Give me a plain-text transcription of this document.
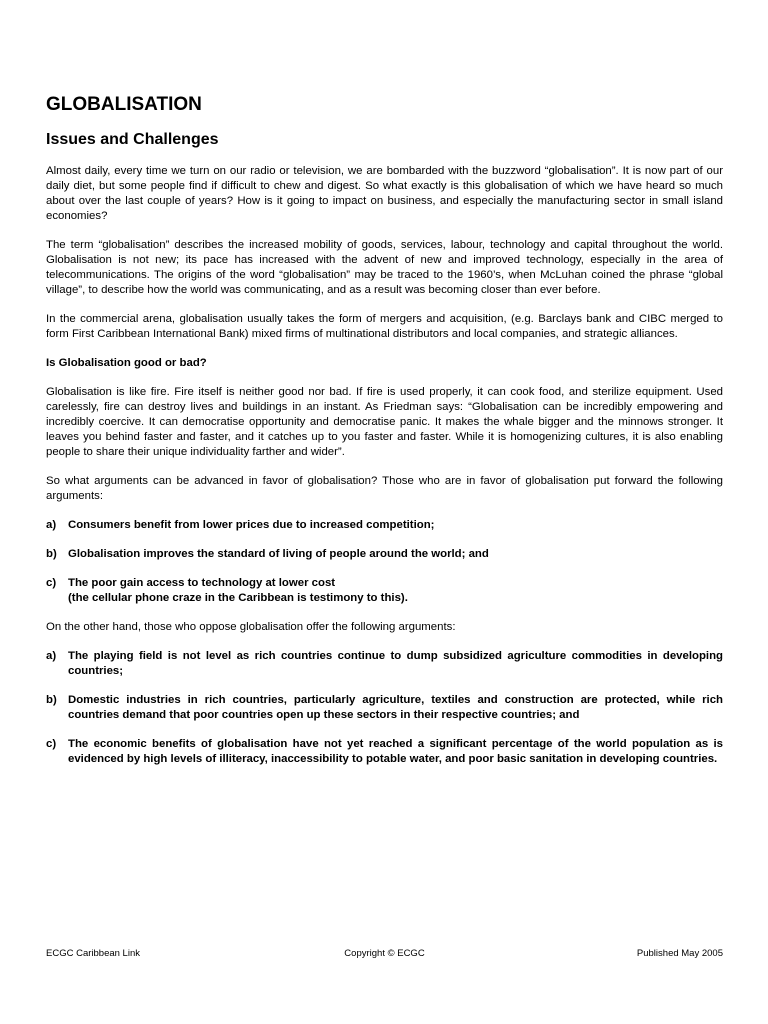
GLOBALISATION
Issues and Challenges

Almost daily, every time we turn on our radio or television, we are bombarded with the buzzword “globalisation”. It is now part of our daily diet, but some people find if difficult to chew and digest. So what exactly is this globalisation of which we have heard so much about over the last couple of years? How is it going to impact on business, and especially the manufacturing sector in small island economies?

The term “globalisation” describes the increased mobility of goods, services, labour, technology and capital throughout the world. Globalisation is not new; its pace has increased with the advent of new and improved technology, especially in the area of telecommunications. The origins of the word “globalisation” may be traced to the 1960’s, when McLuhan coined the phrase “global village”, to describe how the world was communicating, and as a result was becoming closer than ever before.

In the commercial arena, globalisation usually takes the form of mergers and acquisition, (e.g. Barclays bank and CIBC merged to form First Caribbean International Bank) mixed firms of multinational distributors and local companies, and strategic alliances.

Is Globalisation good or bad?

Globalisation is like fire. Fire itself is neither good nor bad. If fire is used properly, it can cook food, and sterilize equipment. Used carelessly, fire can destroy lives and buildings in an instant. As Friedman says: “Globalisation can be incredibly empowering and incredibly coercive. It can democratise opportunity and democratise panic. It makes the whale bigger and the minnows stronger. It leaves you behind faster and faster, and it catches up to you faster and faster. While it is homogenizing cultures, it is also enabling people to share their unique individuality farther and wider”.

So what arguments can be advanced in favor of globalisation? Those who are in favor of globalisation put forward the following arguments:

a)	Consumers benefit from lower prices due to increased competition;
b) Globalisation improves the standard of living of people around the world; and
c)	The poor gain access to technology at lower cost
(the cellular phone craze in the Caribbean is testimony to this).

On the other hand, those who oppose globalisation offer the following arguments:

a)	The playing field is not level as rich countries continue to dump subsidized agriculture commodities in developing countries;
b) Domestic industries in rich countries, particularly agriculture, textiles and construction are protected, while rich countries demand that poor countries open up these sectors in their respective countries; and
c)	The economic benefits of globalisation have not yet reached a significant percentage of the world population as is evidenced by high levels of illiteracy, inaccessibility to potable water, and poor basic sanitation in developing countries.
ECGC Caribbean Link	Copyright © ECGC	Published May 2005
